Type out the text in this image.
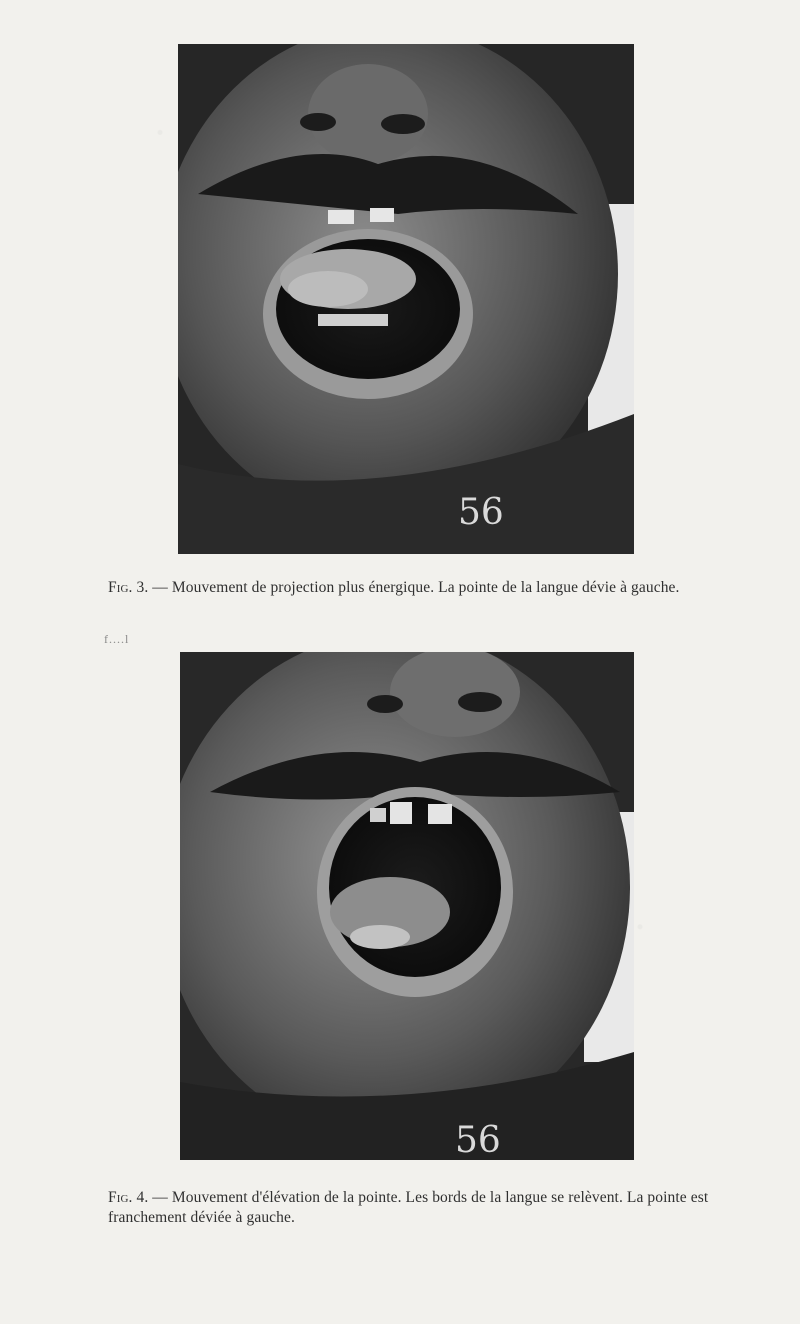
56
Fig. 3. — Mouvement de projection plus énergique. La pointe de la langue dévie à gauche.
f....l
56
Fig. 4. — Mouvement d'élévation de la pointe. Les bords de la langue se relèvent. La pointe est franchement déviée à gauche.
